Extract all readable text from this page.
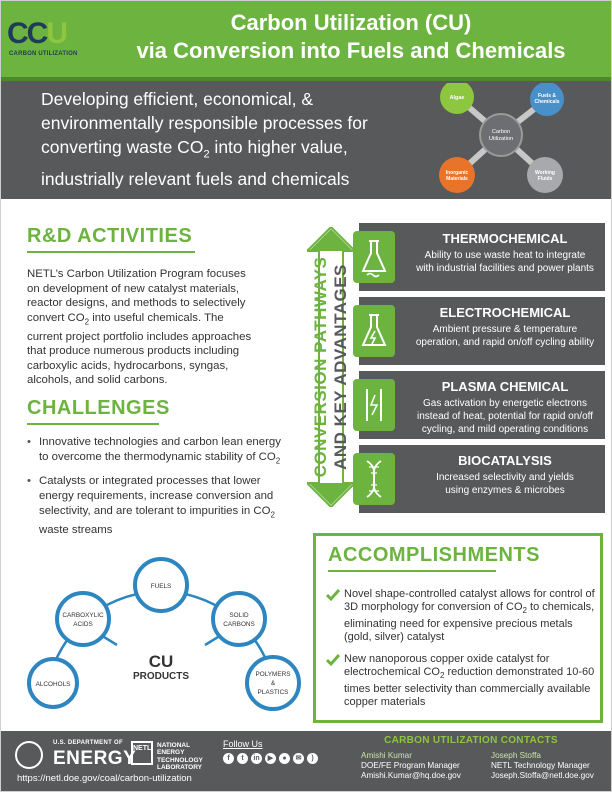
CCU
CARBON UTILIZATION
Carbon Utilization (CU)
via Conversion into Fuels and Chemicals
Developing efficient, economical, &
environmentally responsible processes for
converting waste $CO_2$ into higher value,
industrially relevant fuels and chemicals
Carbon
Utilization
Algae	Fuels &
Chemicals
Inorganic
Materials
Working
Fluids
R&D ACTIVITIES
NETL’s Carbon Utilization Program focuses
on development of new catalyst materials,
reactor designs, and methods to selectively
convert $CO_2$ into useful chemicals. The
current project portfolio includes approaches
that produce numerous products including
carboxylic acids, hydrocarbons, syngas,
alcohols, and solid carbons.
CHALLENGES
• Innovative technologies and carbon lean energy to overcome the thermodynamic stability of $CO_2$
• Catalysts or integrated processes that lower energy requirements, increase conversion and selectivity, and are tolerant to impurities in $CO_2$ waste streams
CU
PRODUCTS
ALCOHOLS
CARBOXYLIC
ACIDS
FUELS
SOLID
CARBONS
POLYMERS
&
PLASTICS
CONVERSION PATHWAYS AND KEY ADVANTAGES
THERMOCHEMICAL
Ability to use waste heat to integrate
with industrial facilities and power plants
ELECTROCHEMICAL
Ambient pressure & temperature
operation, and rapid on/off cycling ability
PLASMA CHEMICAL
Gas activation by energetic electrons
instead of heat, potential for rapid on/off
cycling, and mild operating conditions
BIOCATALYSIS
Increased selectivity and yields
using enzymes & microbes
ACCOMPLISHMENTS
Novel shape-controlled catalyst allows for control of 3D morphology for conversion of $CO_2$ to chemicals, eliminating need for expensive precious metals (gold, silver) catalyst
New nanoporous copper oxide catalyst for electrochemical $CO_2$ reduction demonstrated 10-60 times better selectivity than commercially available copper materials
U.S. DEPARTMENT OF
ENERGY
NETL NATIONAL
ENERGY
TECHNOLOGY
LABORATORY
https://netl.doe.gov/coal/carbon-utilization
Follow Us
f	t	in	▶	●	✉	)
CARBON UTILIZATION CONTACTS
Amishi Kumar
DOE/FE Program Manager
Amishi.Kumar@hq.doe.gov
Joseph Stoffa
NETL Technology Manager
Joseph.Stoffa@netl.doe.gov
